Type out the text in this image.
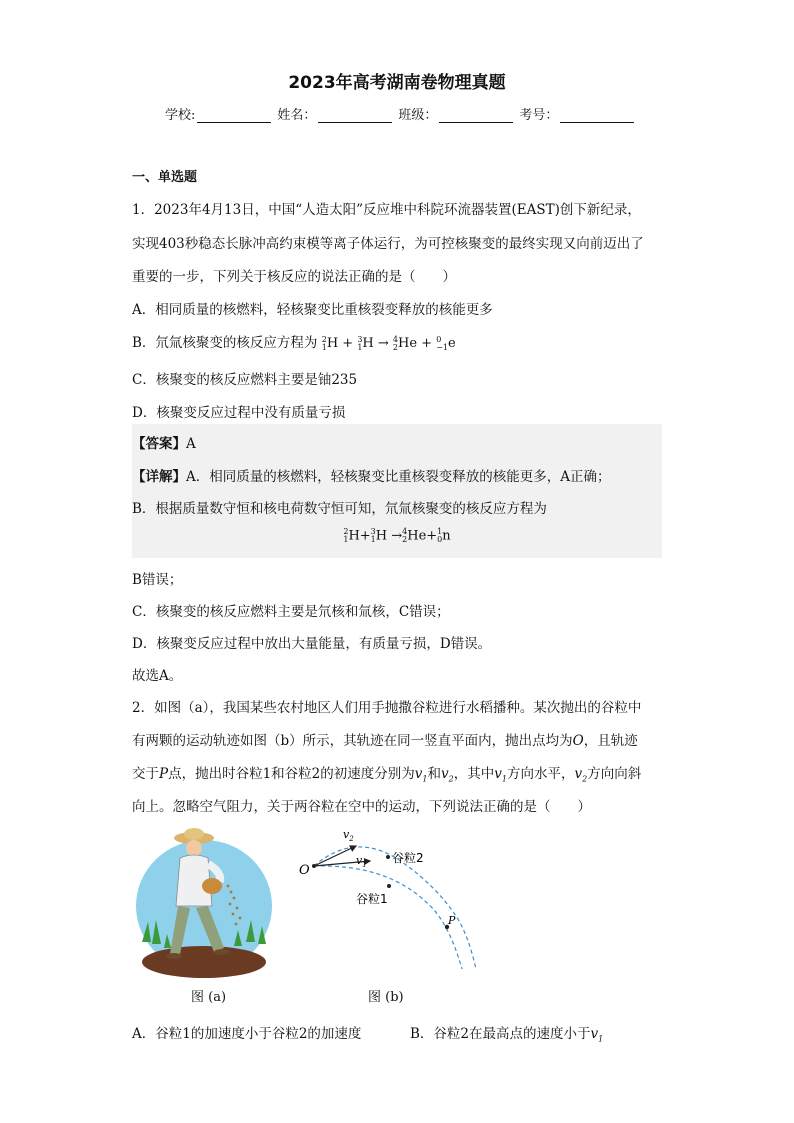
2023年高考湖南卷物理真题
学校:	姓名：	班级：	考号：
一、单选题
1．2023年4月13日，中国“人造太阳”反应堆中科院环流器装置(EAST)创下新纪录，
实现403秒稳态长脉冲高约束模等离子体运行，为可控核聚变的最终实现又向前迈出了
重要的一步，下列关于核反应的说法正确的是（　　）
A．相同质量的核燃料，轻核聚变比重核裂变释放的核能更多
B．氘氚核聚变的核反应方程为 2
1 H + 3
1 H → 4
2 He + 0
−1 e
C．核聚变的核反应燃料主要是铀235
D．核聚变反应过程中没有质量亏损
【答案】A
【详解】A．相同质量的核燃料，轻核聚变比重核裂变释放的核能更多，A正确；
B．根据质量数守恒和核电荷数守恒可知，氘氚核聚变的核反应方程为
2
1 H+ 3
1 H → 4
2 He+ 1
0 n
B错误；
C．核聚变的核反应燃料主要是氘核和氚核，C错误；
D．核聚变反应过程中放出大量能量，有质量亏损，D错误。
故选A。
2．如图（a），我国某些农村地区人们用手抛撒谷粒进行水稻播种。某次抛出的谷粒中
有两颗的运动轨迹如图（b）所示，其轨迹在同一竖直平面内，抛出点均为O，且轨迹
交于P点，抛出时谷粒1和谷粒2的初速度分别为$v_1$和$v_2$，其中$v_1$方向水平，$v_2$方向向斜
向上。忽略空气阻力，关于两谷粒在空中的运动，下列说法正确的是（　　）
图 (a)
O
$v_2$
$v_1$ 谷粒2
谷粒1
P
图 (b)
A．谷粒1的加速度小于谷粒2的加速度	B．谷粒2在最高点的速度小于$v_1$
